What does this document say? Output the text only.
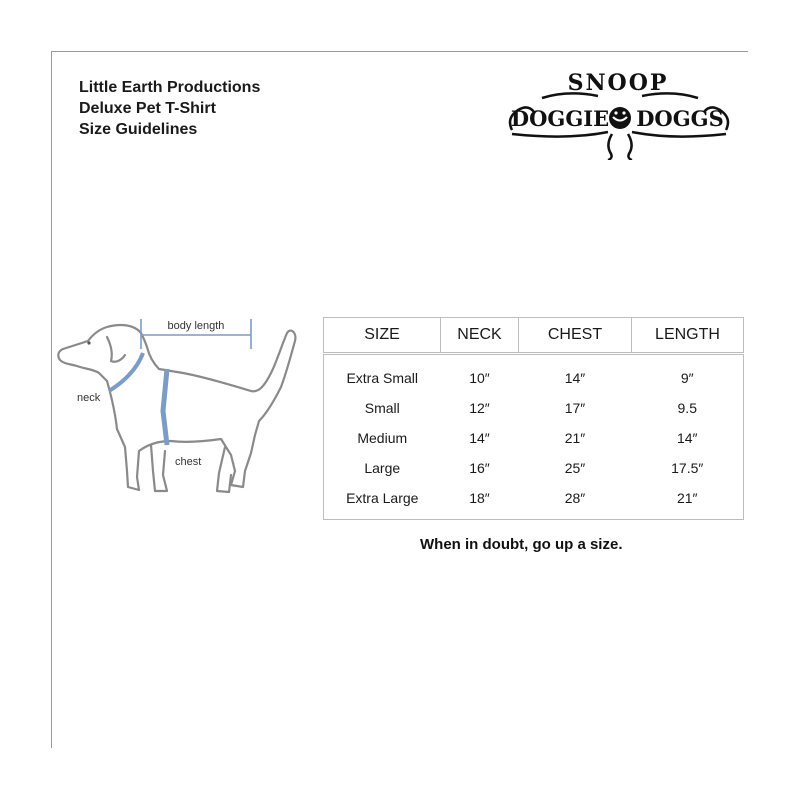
Little Earth Productions
Deluxe Pet T-Shirt
Size Guidelines
SNOOP
DOGGIE DOGGS
body length
neck
chest
SIZE	NECK	CHEST	LENGTH
Extra Small	10″	14″	9″
Small	12″	17″	9.5
Medium	14″	21″	14″
Large	16″	25″	17.5″
Extra Large	18″	28″	21″
When in doubt, go up a size.
